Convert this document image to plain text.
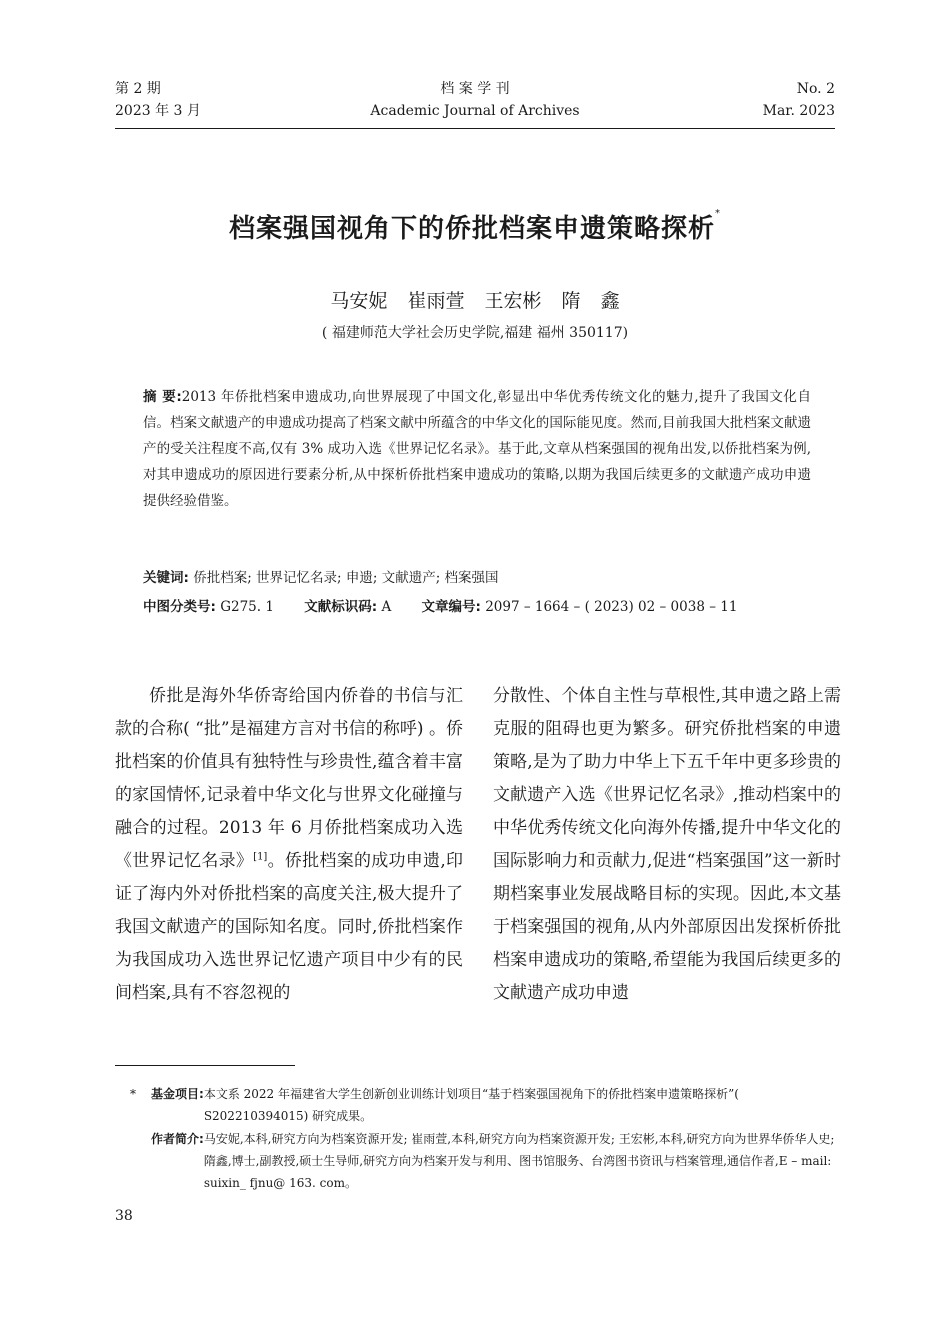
第 2 期
2023 年 3 月
档 案 学 刊
Academic Journal of Archives
No. 2
Mar. 2023
档案强国视角下的侨批档案申遗策略探析*
马安妮 崔雨萱 王宏彬 隋 鑫
( 福建师范大学社会历史学院,福建 福州 350117)
摘 要:2013 年侨批档案申遗成功,向世界展现了中国文化,彰显出中华优秀传统文化的魅力,提升了我国文化自信。档案文献遗产的申遗成功提高了档案文献中所蕴含的中华文化的国际能见度。然而,目前我国大批档案文献遗产的受关注程度不高,仅有 3% 成功入选《世界记忆名录》。基于此,文章从档案强国的视角出发,以侨批档案为例,对其申遗成功的原因进行要素分析,从中探析侨批档案申遗成功的策略,以期为我国后续更多的文献遗产成功申遗提供经验借鉴。
关键词: 侨批档案; 世界记忆名录; 申遗; 文献遗产; 档案强国
中图分类号: G275. 1 文献标识码: A 文章编号: 2097 – 1664 – ( 2023) 02 – 0038 – 11

侨批是海外华侨寄给国内侨眷的书信与汇款的合称( “批”是福建方言对书信的称呼) 。侨批档案的价值具有独特性与珍贵性,蕴含着丰富的家国情怀,记录着中华文化与世界文化碰撞与融合的过程。2013 年 6 月侨批档案成功入选《世界记忆名录》[1]。侨批档案的成功申遗,印证了海内外对侨批档案的高度关注,极大提升了我国文献遗产的国际知名度。同时,侨批档案作为我国成功入选世界记忆遗产项目中少有的民间档案,具有不容忽视的

分散性、个体自主性与草根性,其申遗之路上需克服的阻碍也更为繁多。研究侨批档案的申遗策略,是为了助力中华上下五千年中更多珍贵的文献遗产入选《世界记忆名录》,推动档案中的中华优秀传统文化向海外传播,提升中华文化的国际影响力和贡献力,促进“档案强国”这一新时期档案事业发展战略目标的实现。因此,本文基于档案强国的视角,从内外部原因出发探析侨批档案申遗成功的策略,希望能为我国后续更多的文献遗产成功申遗

* 基金项目: 本文系 2022 年福建省大学生创新创业训练计划项目“基于档案强国视角下的侨批档案申遗策略探析”( S202210394015) 研究成果。
作者简介: 马安妮,本科,研究方向为档案资源开发; 崔雨萱,本科,研究方向为档案资源开发; 王宏彬,本科,研究方向为世界华侨华人史; 隋鑫,博士,副教授,硕士生导师,研究方向为档案开发与利用、图书馆服务、台湾图书资讯与档案管理,通信作者,E – mail: suixin_ fjnu@ 163. com。
38
